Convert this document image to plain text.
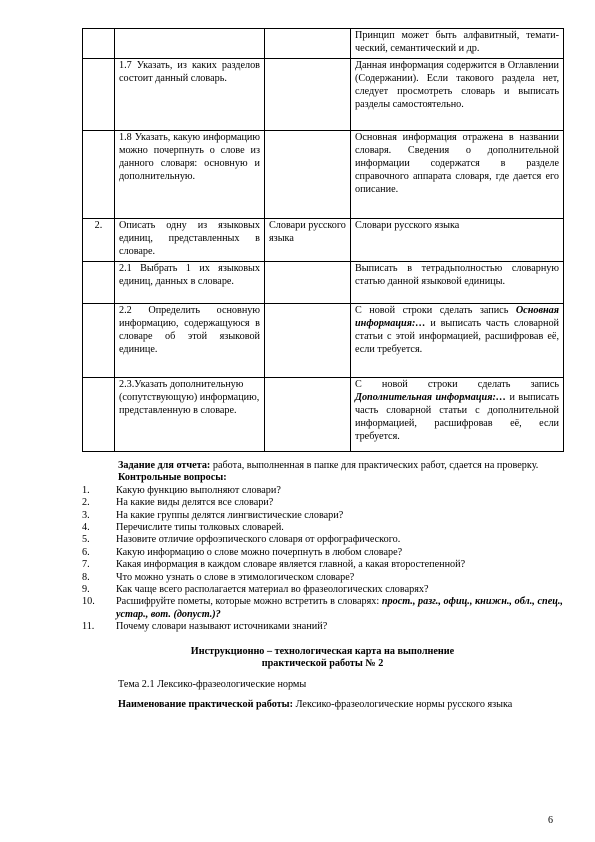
			Принцип может быть алфавитный, темати-ческий, семантический и др.
	1.7 Указать, из каких разделов состоит данный словарь.		Данная информация содержится в Оглавлении (Содержании). Если такового раздела нет, следует просмотреть словарь и выписать разделы самостоятельно.
	1.8 Указать, какую информацию можно почерпнуть о слове из данного словаря: основную и дополнительную.		Основная информация отражена в названии словаря. Сведения о дополнительной информации содержатся в разделе справочного аппарата словаря, где дается его описание.
2.	Описать одну из языковых единиц, представленных в словаре.	Словари русского языка	Словари русского языка
	2.1 Выбрать 1 их языковых единиц, данных в словаре.		Выписать в тетрадьполностью словарную статью данной языковой единицы.
	2.2 Определить основную информацию, содержащуюся в словаре об этой языковой единице.		С новой строки сделать запись Основная информация:… и выписать часть словарной статьи с этой информацией, расшифровав её, если требуется.
	2.3.Указать дополнительную (сопутствующую) информацию, представленную в словаре.		С новой строки сделать запись Дополнительная информация:… и выписать часть словарной статьи с дополнительной информацией, расшифровав её, если требуется.

Задание для отчета: работа, выполненная в папке для практических работ, сдается на проверку.

Контрольные вопросы:

1.	Какую функцию выполняют словари?
2.	На какие виды делятся все словари?
3.	На какие группы делятся лингвистические словари?
4.	Перечислите типы толковых словарей.
5.	Назовите отличие орфоэпического словаря от орфографического.
6.	Какую информацию о слове можно почерпнуть в любом словаре?
7.	Какая информация в каждом словаре является главной, а какая второстепенной?
8.	Что можно узнать о слове в этимологическом словаре?
9.	Как чаще всего располагается материал во фразеологических словарях?
10. Расшифруйте пометы, которые можно встретить в словарях: прост., разг., офиц., книжн., обл., спец., устар., вот. (допуст.)?
11. Почему словари называют источниками знаний?

Инструкционно – технологическая карта на выполнение

практической работы № 2

Тема 2.1 Лексико-фразеологические нормы

Наименование практической работы: Лексико-фразеологические нормы русского языка

6
